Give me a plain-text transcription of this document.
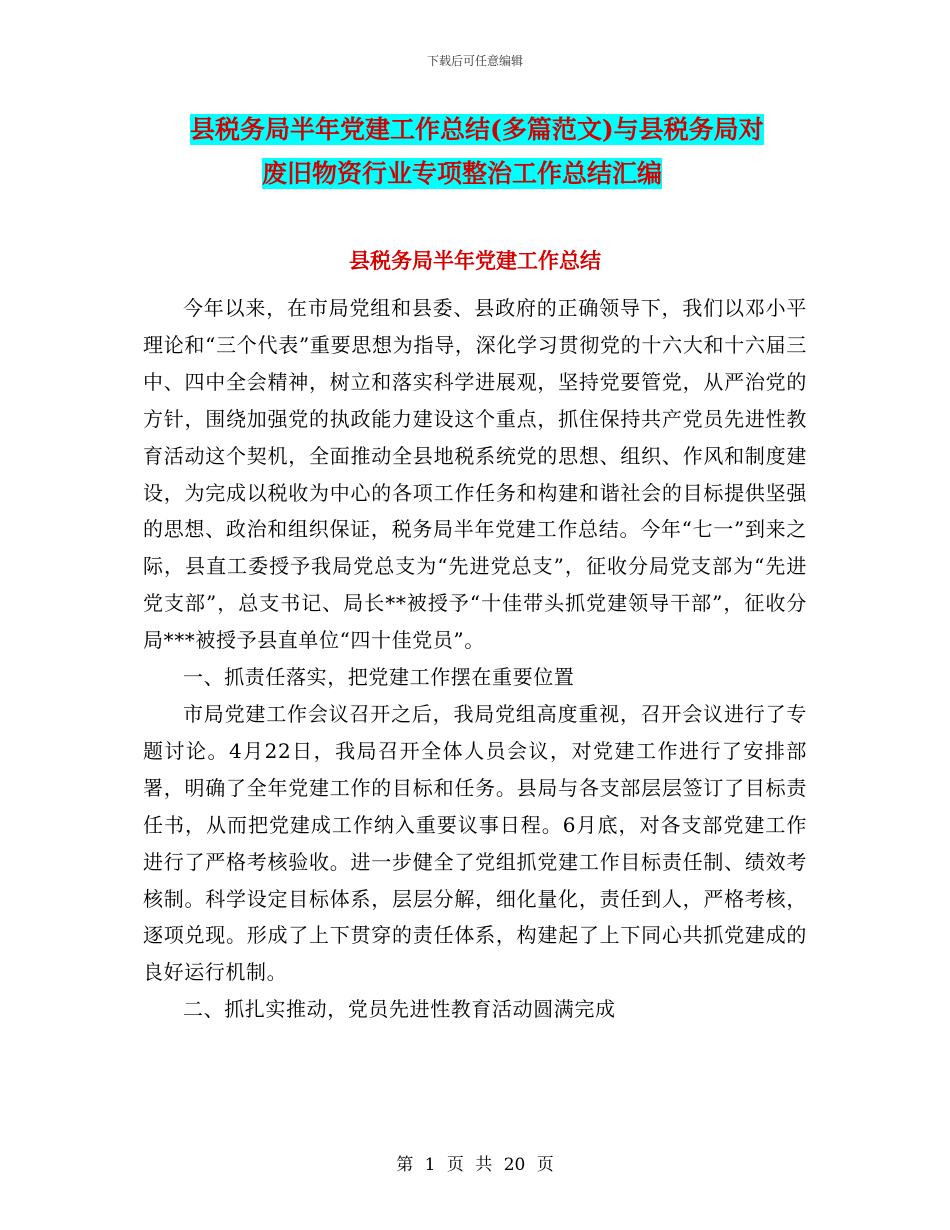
下载后可任意编辑
县税务局半年党建工作总结(多篇范文)与县税务局对
废旧物资行业专项整治工作总结汇编
县税务局半年党建工作总结

今年以来，在市局党组和县委、县政府的正确领导下，我们以邓小平理论和“三个代表”重要思想为指导，深化学习贯彻党的十六大和十六届三中、四中全会精神，树立和落实科学进展观，坚持党要管党，从严治党的方针，围绕加强党的执政能力建设这个重点，抓住保持共产党员先进性教育活动这个契机，全面推动全县地税系统党的思想、组织、作风和制度建设，为完成以税收为中心的各项工作任务和构建和谐社会的目标提供坚强的思想、政治和组织保证，税务局半年党建工作总结。今年“七一”到来之际，县直工委授予我局党总支为“先进党总支”，征收分局党支部为“先进党支部”，总支书记、局长**被授予“十佳带头抓党建领导干部”，征收分局***被授予县直单位“四十佳党员”。

一、抓责任落实，把党建工作摆在重要位置

市局党建工作会议召开之后，我局党组高度重视，召开会议进行了专题讨论。4月22日，我局召开全体人员会议，对党建工作进行了安排部署，明确了全年党建工作的目标和任务。县局与各支部层层签订了目标责任书，从而把党建成工作纳入重要议事日程。6月底，对各支部党建工作进行了严格考核验收。进一步健全了党组抓党建工作目标责任制、绩效考核制。科学设定目标体系，层层分解，细化量化，责任到人，严格考核，逐项兑现。形成了上下贯穿的责任体系，构建起了上下同心共抓党建成的良好运行机制。

二、抓扎实推动，党员先进性教育活动圆满完成

第 1 页 共 20 页
